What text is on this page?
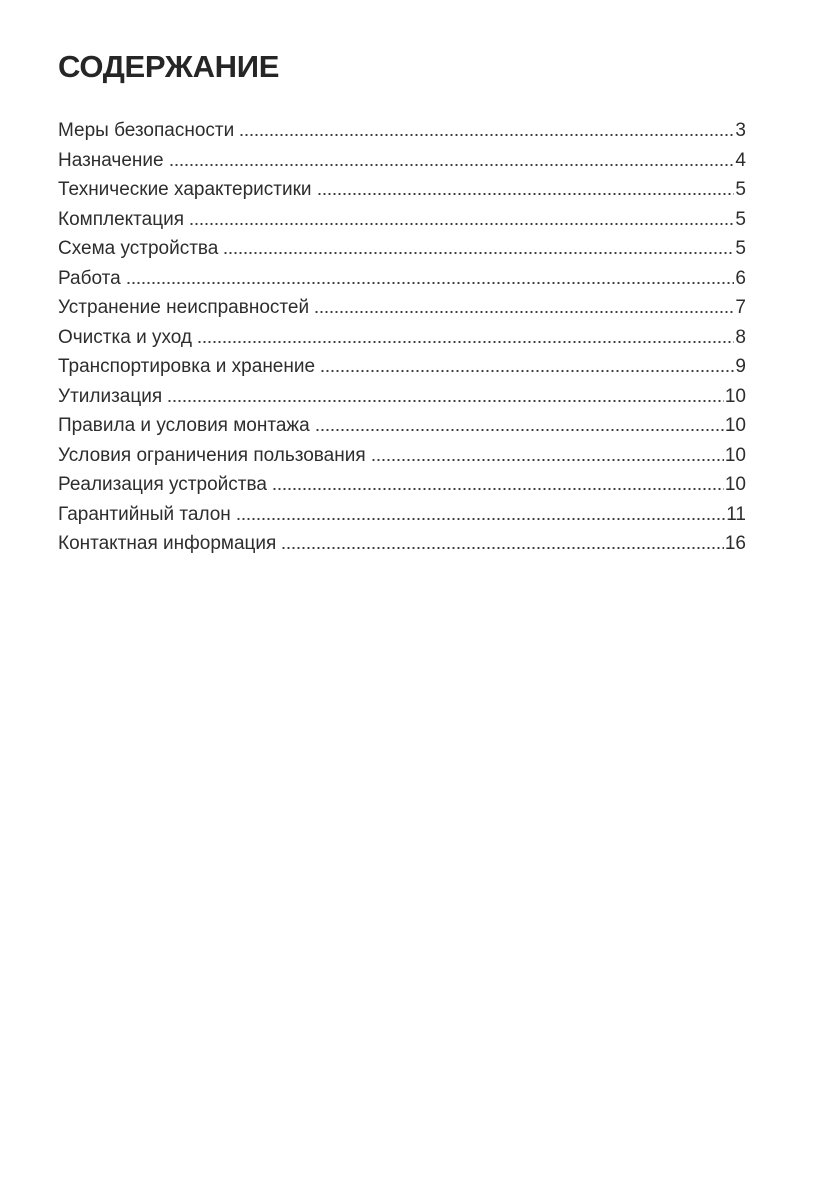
СОДЕРЖАНИЕ
Меры безопасности	3
Назначение	4
Технические характеристики	5
Комплектация	5
Схема устройства	5
Работа	6
Устранение неисправностей	7
Очистка и уход	8
Транспортировка и хранение	9
Утилизация	10
Правила и условия монтажа	10
Условия ограничения пользования	10
Реализация устройства	10
Гарантийный талон	11
Контактная информация	16
